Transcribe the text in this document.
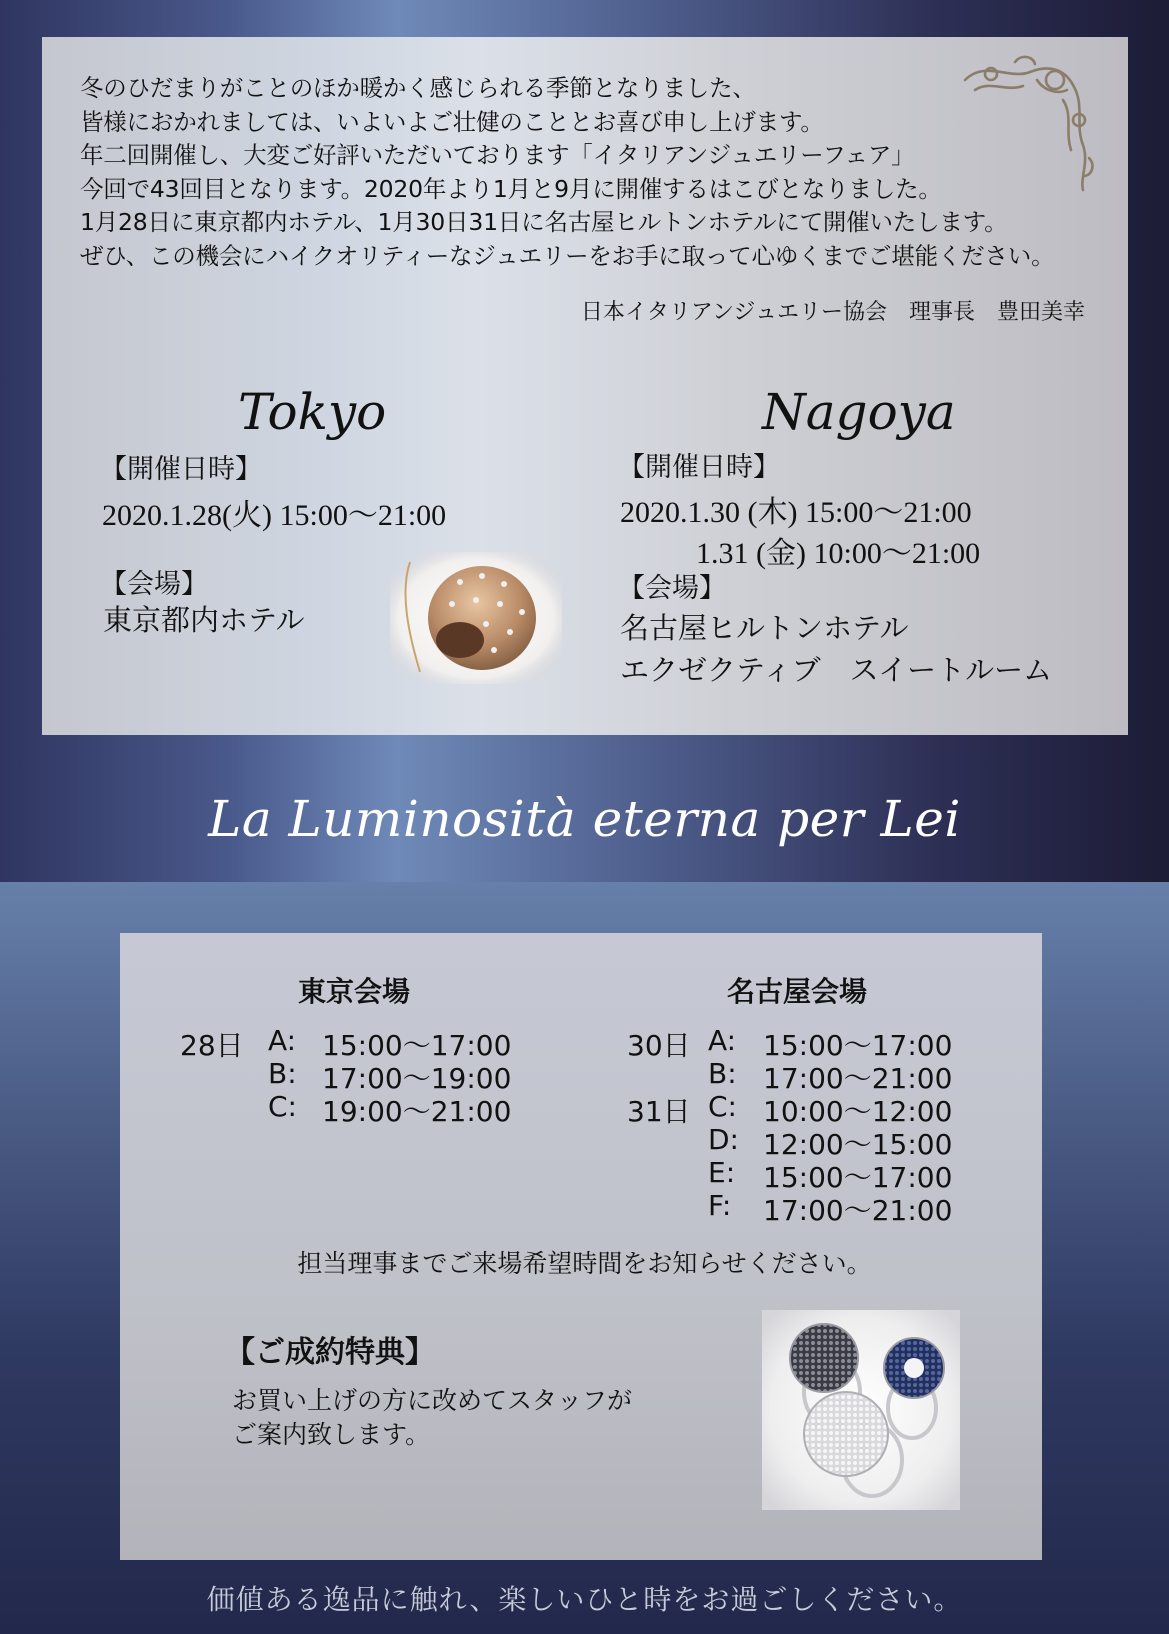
冬のひだまりがことのほか暖かく感じられる季節となりました、

皆様におかれましては、いよいよご壮健のこととお喜び申し上げます。

年二回開催し、大変ご好評いただいております「イタリアンジュエリーフェア」

今回で43回目となります。2020年より1月と9月に開催するはこびとなりました。

1月28日に東京都内ホテル、1月30日31日に名古屋ヒルトンホテルにて開催いたします。

ぜひ、この機会にハイクオリティーなジュエリーをお手に取って心ゆくまでご堪能ください。

日本イタリアンジュエリー協会　理事長　豊田美幸
Tokyo
【開催日時】
2020.1.28(火) 15:00～21:00
【会場】
東京都内ホテル
Nagoya
【開催日時】
2020.1.30 (木) 15:00～21:00
1.31 (金) 10:00～21:00
【会場】
名古屋ヒルトンホテル
エクゼクティブ　スイートルーム
La Luminosità eterna per Lei
東京会場
28日 A: 15:00～17:00
B: 17:00～19:00
C: 19:00～21:00
名古屋会場
30日
31日
A: 15:00～17:00
B: 17:00～21:00
C: 10:00～12:00
D: 12:00～15:00
E: 15:00～17:00
F: 17:00～21:00
担当理事までご来場希望時間をお知らせください。
【ご成約特典】

お買い上げの方に改めてスタッフが

ご案内致します。

価値ある逸品に触れ、楽しいひと時をお過ごしください。
